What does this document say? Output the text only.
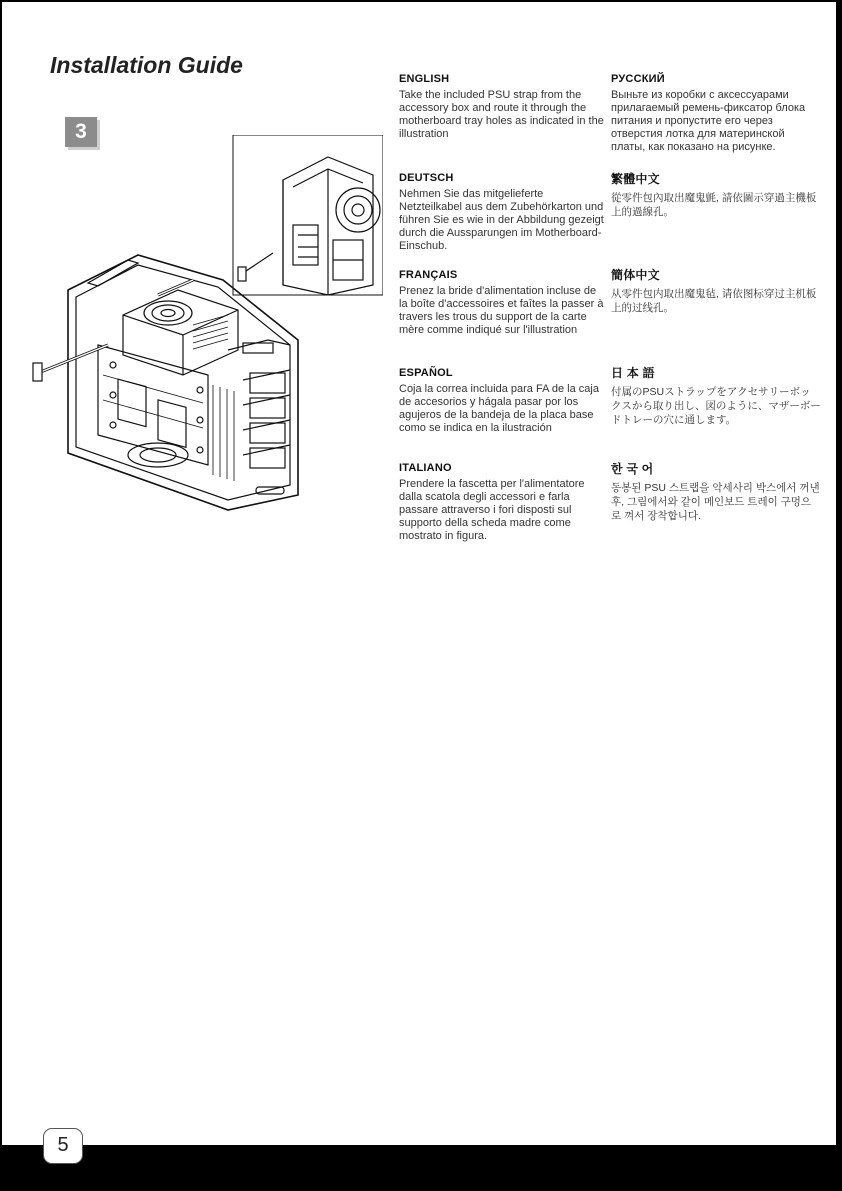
Installation Guide
3
ENGLISH

Take the included PSU strap from the accessory box and route it through the motherboard tray holes as indicated in the illustration

DEUTSCH

Nehmen Sie das mitgelieferte Netzteilkabel aus dem Zubehörkarton und führen Sie es wie in der Abbildung gezeigt durch die Aussparungen im Motherboard-Einschub.

FRANÇAIS

Prenez la bride d'alimentation incluse de la boîte d'accessoires et faîtes la passer à travers les trous du support de la carte mère comme indiqué sur l'illustration

ESPAÑOL

Coja la correa incluida para FA de la caja de accesorios y hágala pasar por los agujeros de la bandeja de la placa base como se indica en la ilustración

ITALIANO

Prendere la fascetta per l'alimentatore dalla scatola degli accessori e farla passare attraverso i fori disposti sul supporto della scheda madre come mostrato in figura.

РУССКИЙ

Выньте из коробки с аксессуарами прилагаемый ремень-фиксатор блока питания и пропустите его через отверстия лотка для материнской платы, как показано на рисунке.

繁體中文

從零件包內取出魔鬼氈, 請依圖示穿過主機板上的過線孔。

簡体中文

从零件包内取出魔鬼毡, 请依图标穿过主机板上的过线孔。

日 本 語

付属のPSUストラップをアクセサリーボックスから取り出し、図のように、マザーボードトレーの穴に通します。

한 국 어

동봉된 PSU 스트랩을 악세사리 박스에서 꺼낸 후, 그림에서와 같이 메인보드 트레이 구멍으로 껴서 장착합니다.

5
